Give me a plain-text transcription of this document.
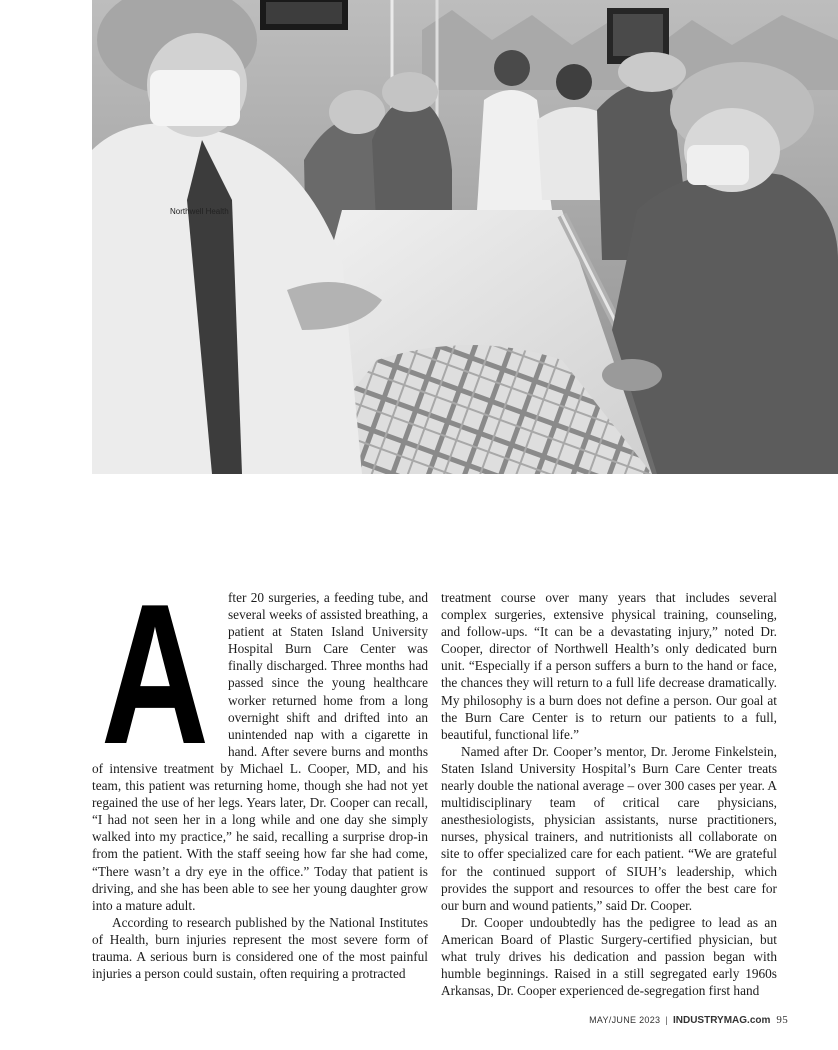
Northwell Health
A	fter 20 surgeries, a feeding tube, and several weeks of assisted breathing, a patient at Staten Island University Hospital Burn Care Center was finally discharged. Three months had passed since the young healthcare worker returned home from a long overnight shift and drifted into an unintended nap with a cigarette in hand. After severe burns and months of intensive treatment by Michael L. Cooper, MD, and his team, this patient was returning home, though she had not yet regained the use of her legs. Years later, Dr. Cooper can recall, “I had not seen her in a long while and one day she simply walked into my practice,” he said, recalling a surprise drop-in from the patient. With the staff seeing how far she had come, “There wasn’t a dry eye in the office.” Today that patient is driving, and she has been able to see her young daughter grow into a mature adult.

According to research published by the National Institutes of Health, burn injuries represent the most severe form of trauma. A serious burn is considered one of the most painful injuries a person could sustain, often requiring a protracted

treatment course over many years that includes several complex surgeries, extensive physical training, counseling, and follow-ups. “It can be a devastating injury,” noted Dr. Cooper, director of Northwell Health’s only dedicated burn unit. “Especially if a person suffers a burn to the hand or face, the chances they will return to a full life decrease dramatically. My philosophy is a burn does not define a person. Our goal at the Burn Care Center is to return our patients to a full, beautiful, functional life.”

Named after Dr. Cooper’s mentor, Dr. Jerome Finkelstein, Staten Island University Hospital’s Burn Care Center treats nearly double the national average – over 300 cases per year. A multidisciplinary team of critical care physicians, anesthesiologists, physician assistants, nurse practitioners, nurses, physical trainers, and nutritionists all collaborate on site to offer specialized care for each patient. “We are grateful for the continued support of SIUH’s leadership, which provides the support and resources to offer the best care for our burn and wound patients,” said Dr. Cooper.

Dr. Cooper undoubtedly has the pedigree to lead as an American Board of Plastic Surgery-certified physician, but what truly drives his dedication and passion began with humble beginnings. Raised in a still segregated early 1960s Arkansas, Dr. Cooper experienced de-segregation first hand

MAY/JUNE 2023 | INDUSTRYMAG.com 95
